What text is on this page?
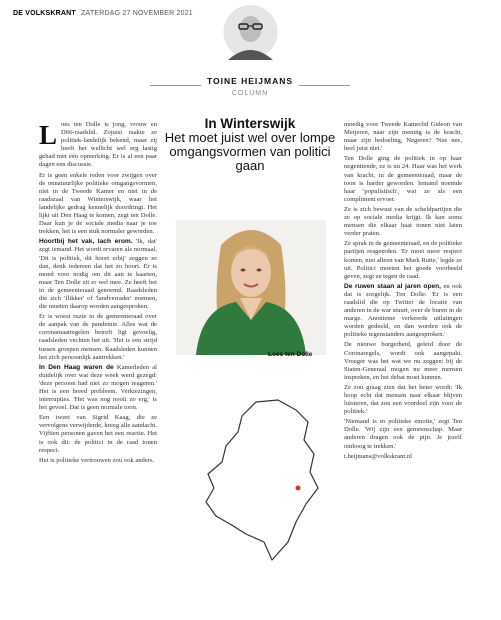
DE VOLKSKRANT ZATERDAG 27 NOVEMBER 2021
TOINE HEIJMANS
COLUMN
L oes ten Dolle is jong, vrouw en D66-raadslid. Zojuist raakte ze politiek-landelijk bekend, maar zij heeft het wellicht wel erg lastig gehad met één opmerking. Er is al een paar dagen een discussie.

Er is geen enkele reden voor zwijgen over de onnatuurlijke politieke omgangsvormen, niet in de Tweede Kamer en niet in de raadszaal van Winterswijk, waar het landelijke gedrag kennelijk doordringt. Het lijkt uit Den Haag te komen, zegt ten Dolle. Daar kun je de sociale media naar je toe trekken, het is een stuk normaler geworden.

Hoortbij het vak, lach erom. 'Ik, dat' zegt iemand. Het wordt ervaren als normaal, 'Dit is politiek, dit hoort erbij' zeggen ze dan, denk iedereen dat het zo hoort. Er is moed voor nodig om dit aan te kaarten, maar Ten Dolle zit er wel mee. Ze heeft het in de gemeenteraad genoemd. Raadsleden die zich 'flikker' of 'landverrader' noemen, die moeten daarop worden aangesproken.

Er is woest ruzie in de gemeenteraad over de aanpak van de pandemie. Alles wat de coronamaatregelen betreft ligt gevoelig, raadsleden vechten het uit. 'Het is een strijd tussen groepen mensen. Raadsleden kunnen het zich persoonlijk aantrekken.'

In Den Haag waren de Kamerleden al duidelijk over wat deze week werd gezegd: 'deze persoon had niet zo mogen reageren.' Het is een breed probleem. Verkiezingen, interrupties. 'Het was nog nooit zo erg,' is het gevoel. Dat is geen normale toon.

Een tweet van Sigrid Kaag, die ze vervolgens verwijderde, kreeg alle aandacht. Vijftien personen gaven het een reactie. Het is ook dit: de politici in de raad tonen respect.

Het is politieke vertrouwen zou ook anders.

In Winterswijk
Het moet juist wel over lompe omgangsvormen van politici gaan
Loes ten Dolle

moedig voor Tweede Kamerlid Gideon van Meijeren, naar zijn mening is de kracht, maar zijn bedoeling, Negeren? 'Nee nee, heel juist niet.'

Ten Dolle ging de politiek in op haar negentiende, ze is nu 24. Haar was het werk van kracht, in de gemeenteraad, maar de toon is harder geworden. Iemand noemde haar 'populistisch', wat ze als een compliment ervoer.

Ze is zich bewust van de scheldpartijen die ze op sociale media krijgt. Ik kan soms mensen die elkaar haat tonen niet laten verder praten.

Ze sprak in de gemeenteraad, en de politieke partijen reageerden. 'Er moet meer respect komen, niet alleen van Mark Rutte,' legde ze uit. Politici moeten het goede voorbeeld geven, zegt ze tegen de raad.

De ruwen staan al jaren open, en ook dat is zorgelijk. Ten Dolle: 'Er is een raadslid die op Twitter de locatie van anderen in de war stuurt, over de buren in de marge. Anonieme verkeerde uitlatingen worden gedeeld, en dan worden ook de politieke tegenstanders aangesproken.'

De nieuwe burgerheid, geleid door de Coronaregels, wordt ook aangepakt. Vroeger was het wat we nu zeggen: bij de Staten-Generaal mogen nu meer mensen inspreken, en het debat moet kunnen.

Ze zou graag zien dat het beter wordt: 'Ik hoop echt dat mensen naar elkaar blijven luisteren, dat zou een voordeel zijn voor de politiek.'

'Niemand is in politieke emotie,' zegt Ten Dolle. 'Wij zijn een gemeenschap. Maar anderen dragen ook de pijn. Je jezelf omhoog te trekken.'

t.heijmans@volkskrant.nl
